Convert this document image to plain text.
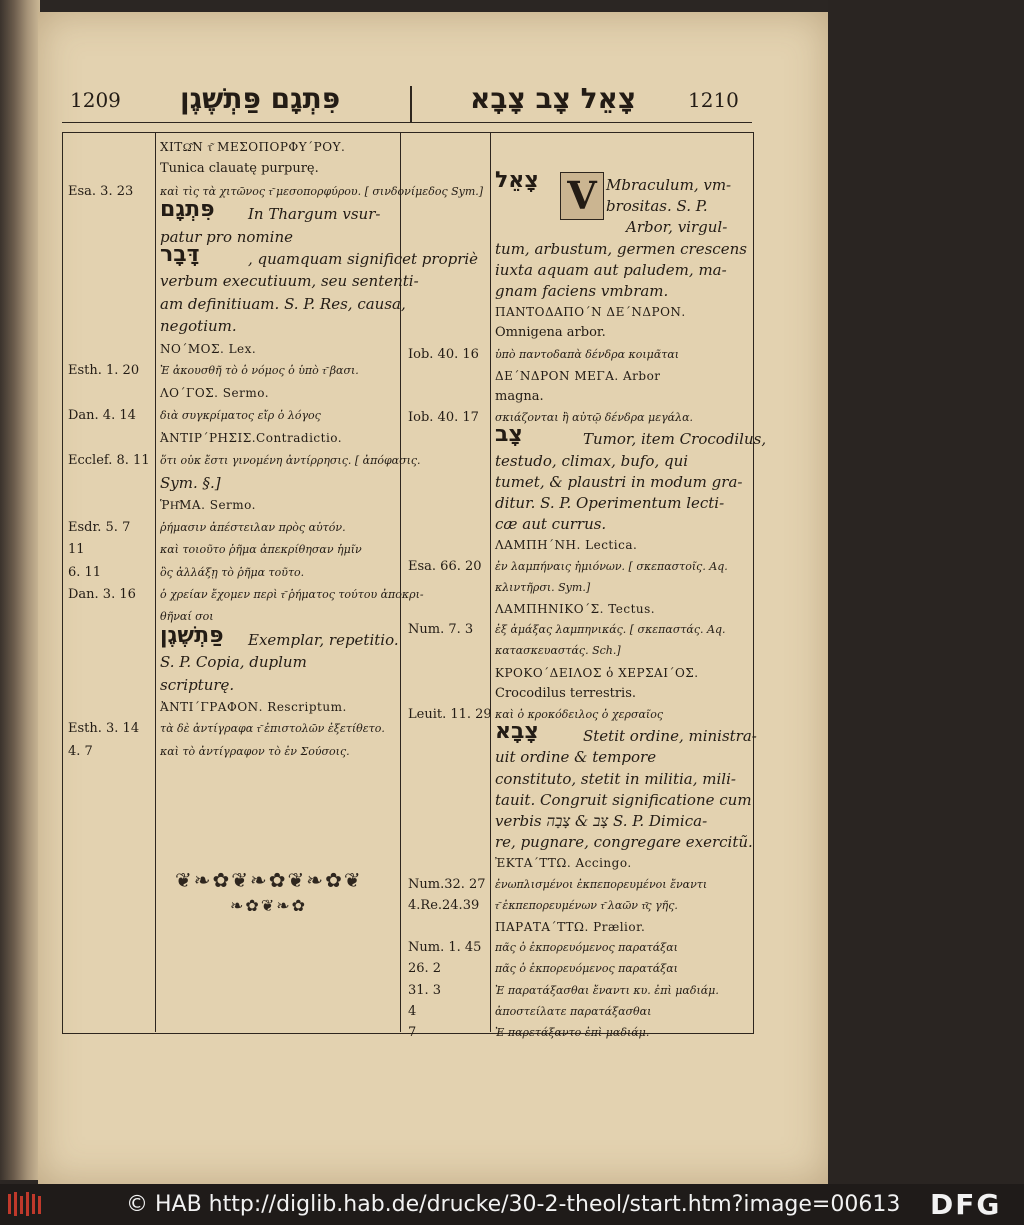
1209 פִּתְגָם פַּתְשֶׁגֶן	צָאֵל צָב צָבָא	1210
V
ΧΙΤΩ͂Ν τ͂ ΜΕΣΟΠΟΡΦΥ΄ΡΟΥ.
Tunica clauatę purpurę.
Esa. 3. 23 καὶ τὶς τὰ χιτῶνος τ͂ μεσοπορφύρου. [ σινδονίμεδος Sym.]
פִּתְגָם In Thargum vsur-
patur pro nomine
דָּבָר	, quamquam significet propriè
verbum executiuum, seu sententi-
am definitiuam. S. P. Res, causa,
negotium.
ΝΟ΄ΜΟΣ. Lex.
Esth. 1. 20 Ἐ ἀκουσθῆ τὸ ὁ νόμος ὁ ὑπὸ τ͂ βασι.
ΛΟ΄ΓΟΣ. Sermo.
Dan. 4. 14 διὰ συγκρίματος εἴρ ὁ λόγος
ἈΝΤΙΡ΄ΡΗΣΙΣ.Contradictio.
Ecclef. 8. 11 ὅτι οὐκ ἔστι γινομένη ἀντίρρησις. [ ἀπόφασις.
Sym. §.]
ῬΗ͂ΜΑ. Sermo.
Esdr. 5. 7	ῥήμασιν ἀπέστειλαν πρὸς αὐτόν.
11	καὶ τοιοῦτο ῥῆμα ἀπεκρίθησαν ἡμῖν
6. 11	ὃς ἀλλάξῃ τὸ ῥῆμα τοῦτο.
Dan. 3. 16 ὁ χρείαν ἔχομεν περὶ τ͂ ῥήματος τούτου ἀποκρι-
θῆναί σοι
פַּתְשֶׁגֶן Exemplar, repetitio.
S. P. Copia, duplum
scripturę.
ἈΝΤΙ΄ΓΡΑΦΟΝ. Rescriptum.
Esth. 3. 14 τὰ δὲ ἀντίγραφα τ͂ ἐπιστολῶν ἐξετίθετο.
4. 7	καὶ τὸ ἀντίγραφον τὸ ἐν Σούσοις.
צָאֵל	Mbraculum, vm-
brositas. S. P.
Arbor, virgul-
tum, arbustum, germen crescens
iuxta aquam aut paludem, ma-
gnam faciens vmbram.
ΠΑΝΤΟΔΑΠΟ΄Ν ΔΕ΄ΝΔΡΟΝ.
Omnigena arbor.
Iob. 40. 16 ὑπὸ παντοδαπὰ δένδρα κοιμᾶται
ΔΕ΄ΝΔΡΟΝ ΜΕΓΑ. Arbor
magna.
Iob. 40. 17 σκιάζονται ἢ αὐτῷ δένδρα μεγάλα.
צָב	Tumor, item Crocodilus,
testudo, climax, bufo, qui
tumet, & plaustri in modum gra-
ditur. S. P. Operimentum lecti-
cæ aut currus.
ΛΑΜΠΗ΄ΝΗ. Lectica.
Esa. 66. 20 ἐν λαμπήναις ἡμιόνων. [ σκεπαστοῖς. Aq.
κλιντῆρσι. Sym.]
ΛΑΜΠΗΝΙΚΟ΄Σ. Tectus.
Num. 7. 3 ἑξ ἁμάξας λαμπηνικάς. [ σκεπαστάς. Aq.
κατασκευαστάς. Sch.]
ΚΡΟΚΟ΄ΔΕΙΛΟΣ ὁ ΧΕΡΣΑΙ΄ΟΣ.
Crocodilus terrestris.
Leuit. 11. 29 καὶ ὁ κροκόδειλος ὁ χερσαῖος
צָבָא	Stetit ordine, ministra-
uit ordine & tempore
constituto, stetit in militia, mili-
tauit. Congruit significatione cum
verbis צָב & צָבָה S. P. Dimica-
re, pugnare, congregare exercitũ.
ἘΚΤΑ΄ΤΤΩ. Accingo.
Num.32. 27 ἐνωπλισμένοι ἐκπεπορευμένοι ἔναντι
4.Re.24.39 τ͂ ἐκπεπορευμένων τ͂ λαῶν τ͂ς γῆς.
ΠΑΡΑΤΑ΄ΤΤΩ. Prælior.
Num. 1. 45 πᾶς ὁ ἐκπορευόμενος παρατάξαι
26. 2	πᾶς ὁ ἐκπορευόμενος παρατάξαι
31. 3	Ἐ παρατάξασθαι ἔναντι κυ. ἐπὶ μαδιάμ.
4	ἀποστείλατε παρατάξασθαι
7	Ἐ παρετάξαντο ἐπὶ μαδιάμ.
❦❧✿❦❧✿❦❧✿❦
❧✿❦❧✿
© HAB http://diglib.hab.de/drucke/30-2-theol/start.htm?image=00613 DFG
